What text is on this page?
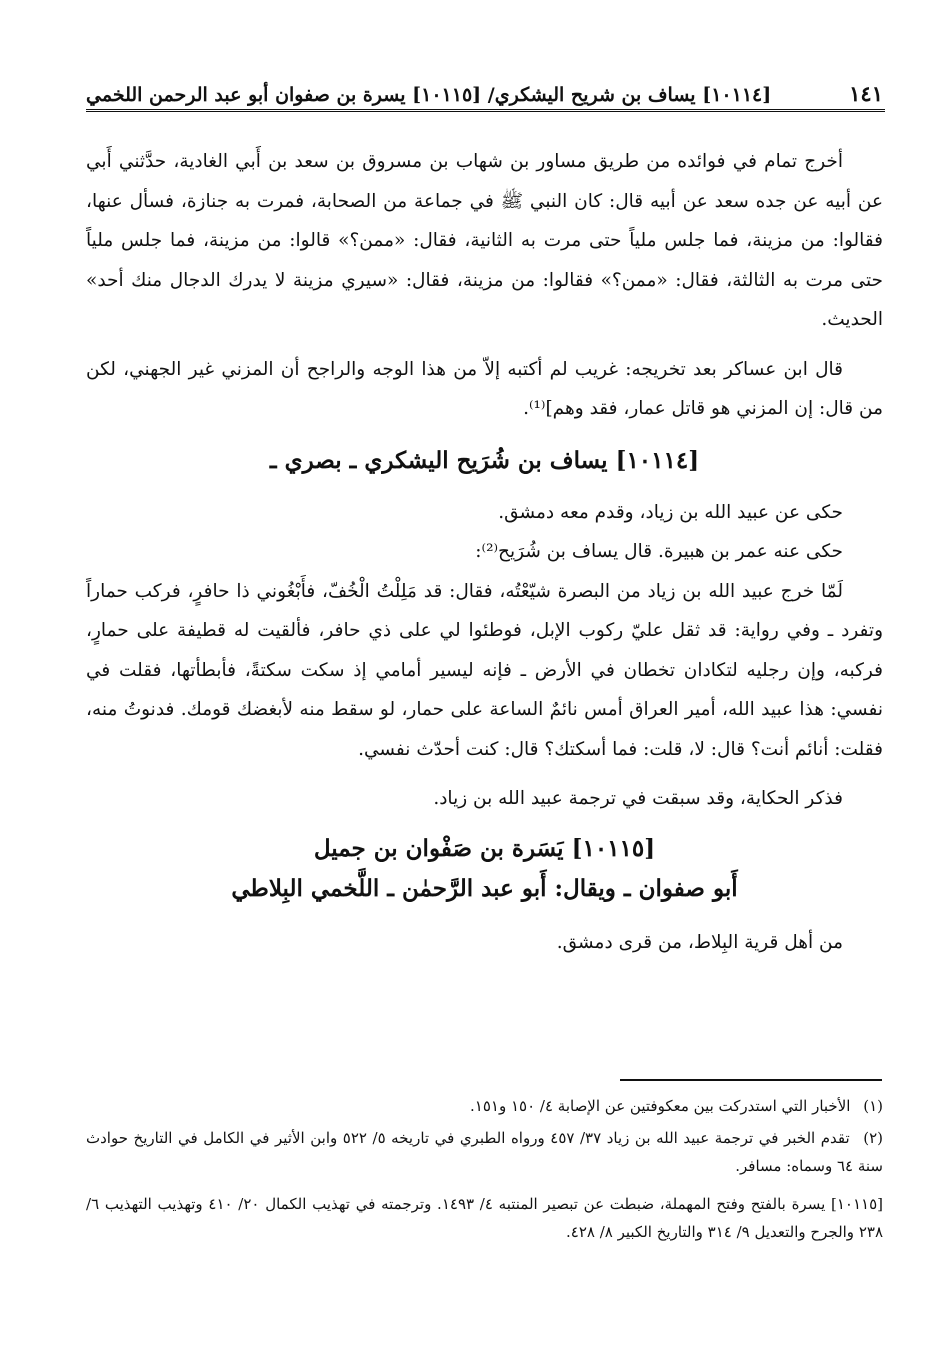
[١٠١١٤] يساف بن شريح اليشكري/ [١٠١١٥] يسرة بن صفوان أبو عبد الرحمن اللخمي	١٤١

أخرج تمام في فوائده من طريق مساور بن شهاب بن مسروق بن سعد بن أَبي الغادية، حدَّثني أَبي عن أبيه عن جده سعد عن أبيه قال: كان النبي ﷺ في جماعة من الصحابة، فمرت به جنازة، فسأل عنها، فقالوا: من مزينة، فما جلس ملياً حتى مرت به الثانية، فقال: «ممن؟» قالوا: من مزينة، فما جلس ملياً حتى مرت به الثالثة، فقال: «ممن؟» فقالوا: من مزينة، فقال: «سيري مزينة لا يدرك الدجال منك أحد» الحديث.

قال ابن عساكر بعد تخريجه: غريب لم أكتبه إلاّ من هذا الوجه والراجح أن المزني غير الجهني، لكن من قال: إن المزني هو قاتل عمار، فقد وهم]⁽¹⁾.

[١٠١١٤] يساف بن شُرَيح اليشكري ـ بصري ـ

حكى عن عبيد الله بن زياد، وقدم معه دمشق.

حكى عنه عمر بن هبيرة. قال يساف بن شُرَيح⁽²⁾:

لَمّا خرج عبيد الله بن زياد من البصرة شيّعْتُه، فقال: قد مَلِلْتُ الْخُفّ، فأَبْغُوني ذا حافرٍ، فركب حماراً وتفرد ـ وفي رواية: قد ثقل عليّ ركوب الإبل، فوطئوا لي على ذي حافر، فألقيت له قطيفة على حمارٍ، فركبه، وإن رجليه لتكادان تخطان في الأرض ـ فإنه ليسير أمامي إذ سكت سكتةً، فأبطأتها، فقلت في نفسي: هذا عبيد الله، أمير العراق أمس نائمٌ الساعة على حمار، لو سقط منه لأبغضك قومك. فدنوتُ منه، فقلت: أنائم أنت؟ قال: لا، قلت: فما أسكتك؟ قال: كنت أحدّث نفسي.

فذكر الحكاية، وقد سبقت في ترجمة عبيد الله بن زياد.

[١٠١١٥] يَسَرة بن صَفْوان بن جميل
أَبو صفوان ـ ويقال: أَبو عبد الرَّحمٰن ـ اللَّخمي البِلاطي

من أهل قرية البِلاط، من قرى دمشق.

(١) الأخبار التي استدركت بين معكوفتين عن الإصابة ٤/ ١٥٠ و١٥١.

(٢) تقدم الخبر في ترجمة عبيد الله بن زياد ٣٧/ ٤٥٧ ورواه الطبري في تاريخه ٥/ ٥٢٢ وابن الأثير في الكامل في التاريخ حوادث سنة ٦٤ وسماه: مسافر.

[١٠١١٥] يسرة بالفتح وفتح المهملة، ضبطت عن تبصير المنتبه ٤/ ١٤٩٣. وترجمته في تهذيب الكمال ٢٠/ ٤١٠ وتهذيب التهذيب ٦/ ٢٣٨ والجرح والتعديل ٩/ ٣١٤ والتاريخ الكبير ٨/ ٤٢٨.
